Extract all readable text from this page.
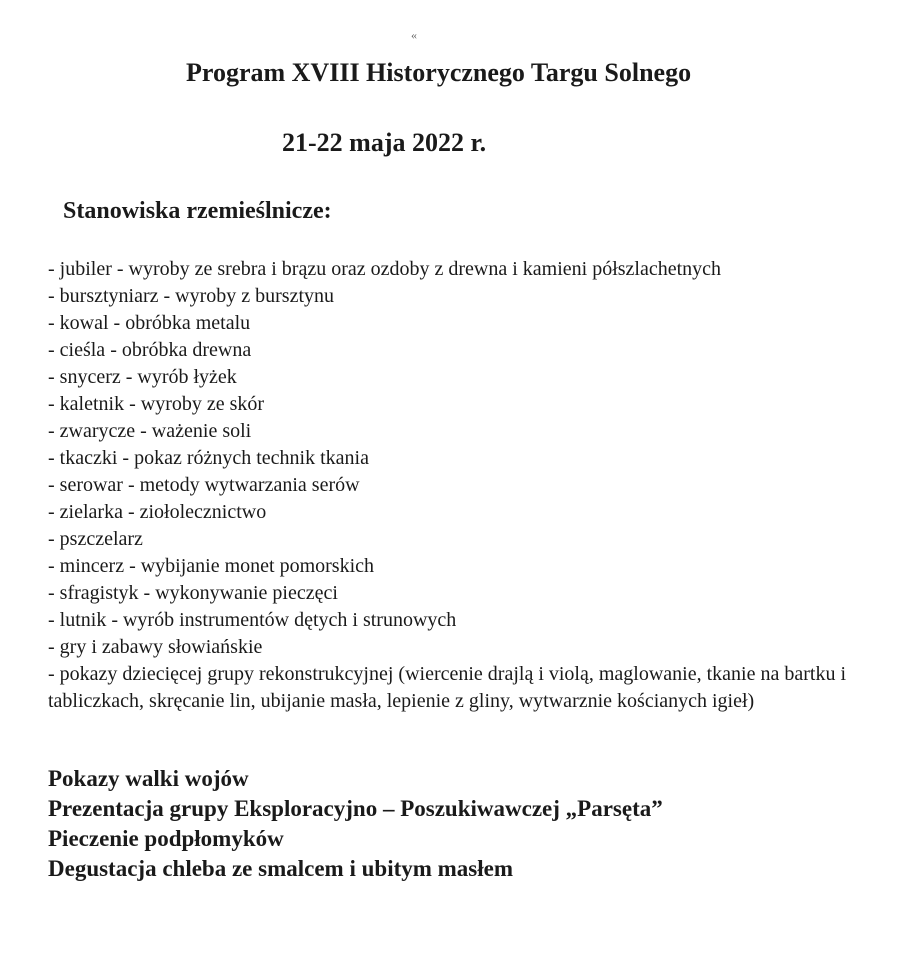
«
Program XVIII Historycznego Targu Solnego
21-22 maja 2022 r.
Stanowiska rzemieślnicze:
- jubiler - wyroby ze srebra i brązu oraz ozdoby z drewna i kamieni półszlachetnych
- bursztyniarz - wyroby z bursztynu
- kowal - obróbka metalu
- cieśla - obróbka drewna
- snycerz - wyrób łyżek
- kaletnik - wyroby ze skór
- zwarycze - ważenie soli
- tkaczki - pokaz różnych technik tkania
- serowar - metody wytwarzania serów
- zielarka - ziołolecznictwo
- pszczelarz
- mincerz - wybijanie monet pomorskich
- sfragistyk - wykonywanie pieczęci
- lutnik - wyrób instrumentów dętych i strunowych
- gry i zabawy słowiańskie
- pokazy dziecięcej grupy rekonstrukcyjnej (wiercenie drajlą i violą, maglowanie, tkanie na bartku i tabliczkach, skręcanie lin, ubijanie masła, lepienie z gliny, wytwarznie kościanych igieł)
Pokazy walki wojów
Prezentacja grupy Eksploracyjno – Poszukiwawczej „Parsęta”
Pieczenie podpłomyków
Degustacja chleba ze smalcem i ubitym masłem
